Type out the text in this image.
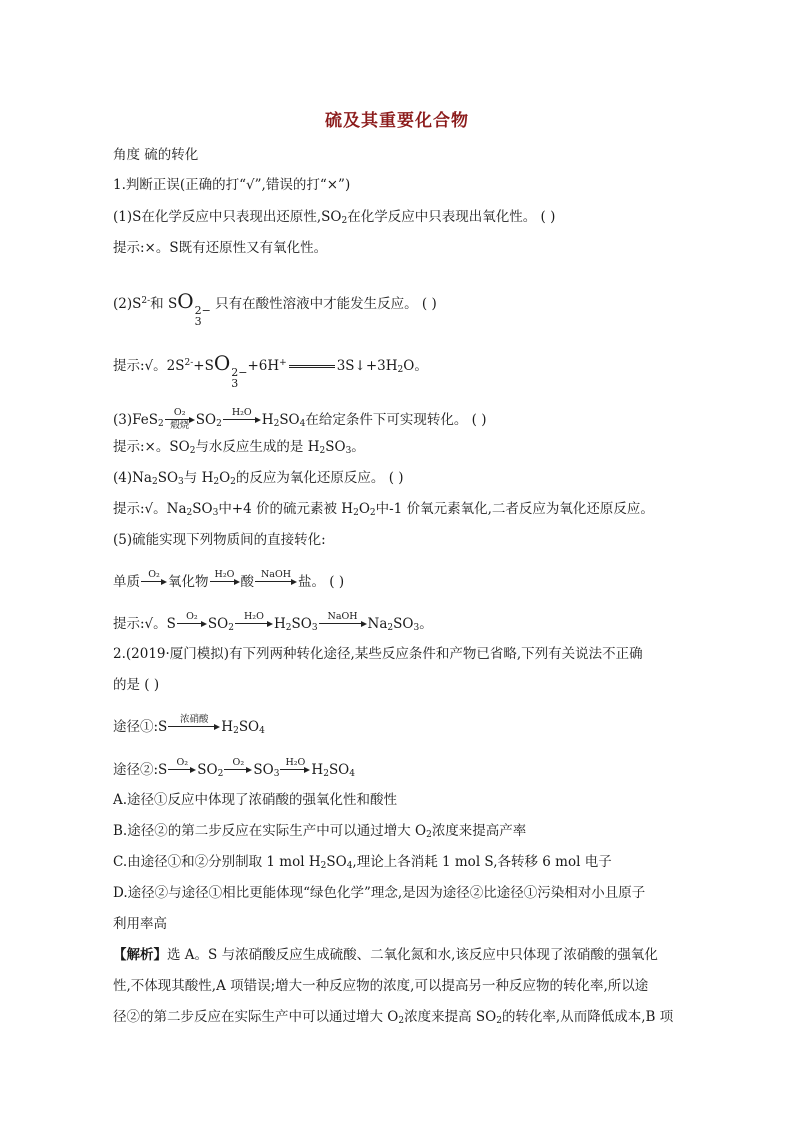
硫及其重要化合物
角度 硫的转化
1.判断正误(正确的打“√”,错误的打“×”)
(1)S在化学反应中只表现出还原性$,SO_2$在化学反应中只表现出氧化性。 ( )
提示:×。S既有还原性又有氧化性。
$(2)S^{2-}$和 SO 2−
3
只有在酸性溶液中才能发生反应。 ( )
提示:√。$2S^{2-}+SO$ 2−
3
+6H+	$3S↓+3H_2O$。
(3)FeS$_2$
O₂
煅烧 $SO_2$
H₂O $H_2SO_4$在给定条件下可实现转化。 ( )
提示:×。$SO_2$与水反应生成的是 $H_2SO_3$。
$(4)Na_2SO_3$与 $H_2O_2$的反应为氧化还原反应。 ( )
提示:√。$Na_2SO_3$中+4 价的硫元素被 $H_2O_2$中-1 价氧元素氧化,二者反应为氧化还原反应。
(5)硫能实现下列物质间的直接转化:
单质 O₂ 氧化物 H₂O 酸 NaOH 盐。 ( )
提示:√。S	O₂ $SO_2$
H₂O $H_2SO_3$
NaOH $Na_2SO_3$。
2.(2019·厦门模拟)有下列两种转化途径,某些反应条件和产物已省略,下列有关说法不正确
的是 ( )
途径①:S	浓硝酸 $H_2SO_4$
途径②:S O₂ $SO_2$
O₂ $SO_3$
H₂O $H_2SO_4$
A.途径①反应中体现了浓硝酸的强氧化性和酸性
B.途径②的第二步反应在实际生产中可以通过增大 $O_2$浓度来提高产率
C.由途径①和②分别制取 1 mol $H_2SO_4$,理论上各消耗 1 mol S,各转移 6 mol 电子
D.途径②与途径①相比更能体现“绿色化学”理念,是因为途径②比途径①污染相对小且原子
利用率高
【解析】选 A。S 与浓硝酸反应生成硫酸、二氧化氮和水,该反应中只体现了浓硝酸的强氧化
性,不体现其酸性,A 项错误;增大一种反应物的浓度,可以提高另一种反应物的转化率,所以途
径②的第二步反应在实际生产中可以通过增大 $O_2$浓度来提高 $SO_2$的转化率,从而降低成本,B 项
